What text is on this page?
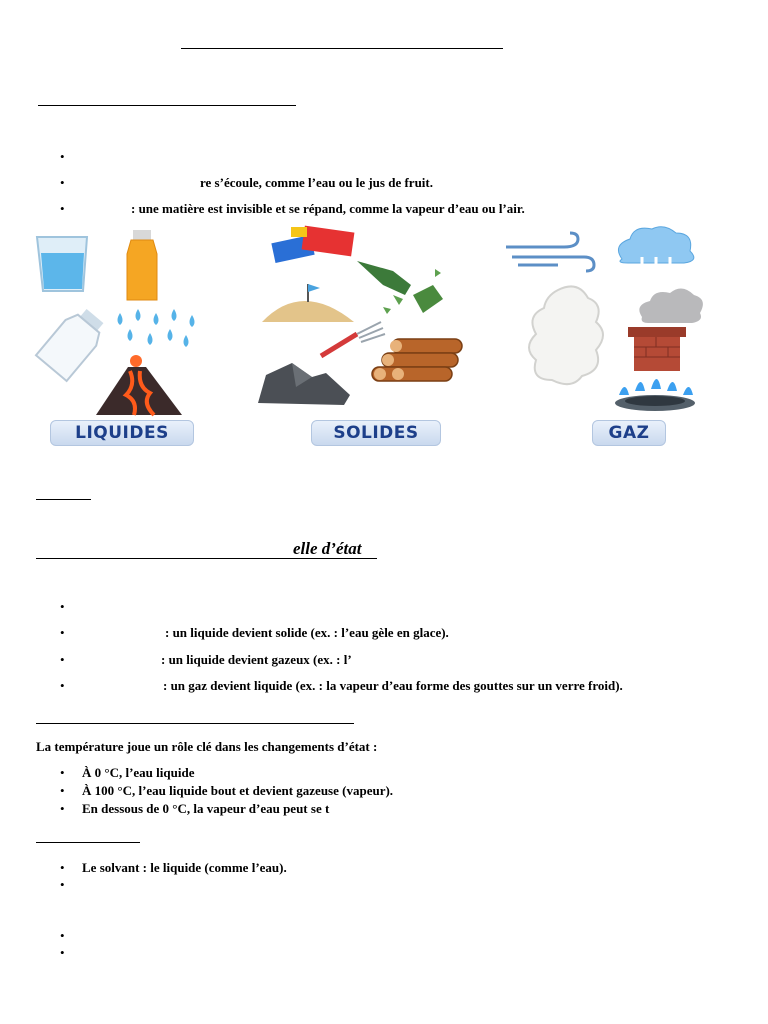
re s’écoule, comme l’eau ou le jus de fruit.
: une matière est invisible et se répand, comme la vapeur d’eau ou l’air.
LIQUIDES	SOLIDES	GAZ
elle d’état
: un liquide devient solide (ex. : l’eau gèle en glace).
: un liquide devient gazeux (ex. : l’
: un gaz devient liquide (ex. : la vapeur d’eau forme des gouttes sur un verre froid).
La température joue un rôle clé dans les changements d’état :
• À 0 °C, l’eau liquide
• À 100 °C, l’eau liquide bout et devient gazeuse (vapeur).
• En dessous de 0 °C, la vapeur d’eau peut se t
• Le solvant : le liquide (comme l’eau).
